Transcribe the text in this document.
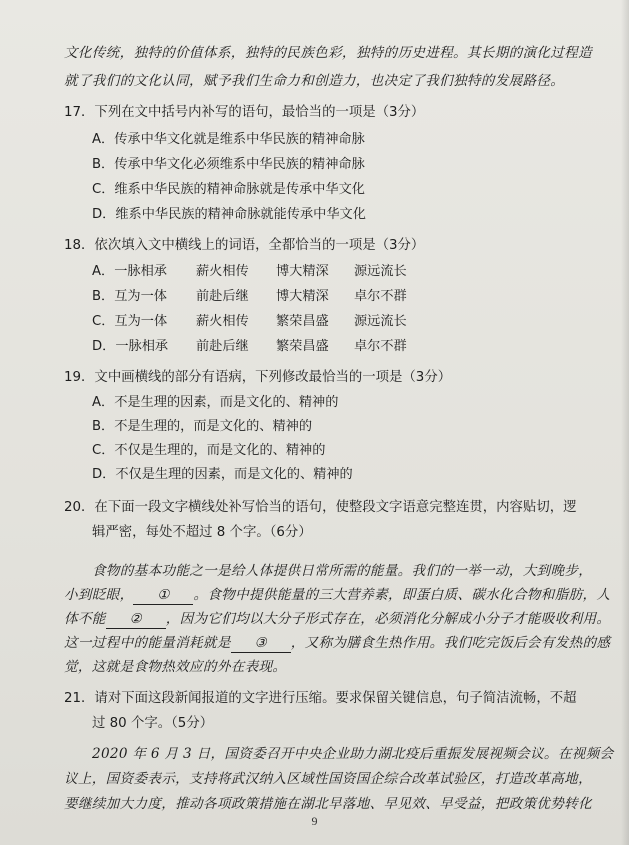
文化传统，独特的价值体系，独特的民族色彩，独特的历史进程。其长期的演化过程造
就了我们的文化认同，赋予我们生命力和创造力，也决定了我们独特的发展路径。
17．下列在文中括号内补写的语句，最恰当的一项是（3分）
A．传承中华文化就是维系中华民族的精神命脉
B．传承中华文化必须维系中华民族的精神命脉
C．维系中华民族的精神命脉就是传承中华文化
D．维系中华民族的精神命脉就能传承中华文化
18．依次填入文中横线上的词语，全都恰当的一项是（3分）
A．一脉相承 薪火相传 博大精深 源远流长
B．互为一体 前赴后继 博大精深 卓尔不群
C．互为一体 薪火相传 繁荣昌盛 源远流长
D．一脉相承 前赴后继 繁荣昌盛 卓尔不群
19．文中画横线的部分有语病，下列修改最恰当的一项是（3分）
A．不是生理的因素，而是文化的、精神的
B．不是生理的，而是文化的、精神的
C．不仅是生理的，而是文化的、精神的
D．不仅是生理的因素，而是文化的、精神的
20．在下面一段文字横线处补写恰当的语句，使整段文字语意完整连贯，内容贴切，逻
辑严密，每处不超过 8 个字。（6分）
食物的基本功能之一是给人体提供日常所需的能量。我们的一举一动，大到晚步，
小到眨眼， ① 。食物中提供能量的三大营养素，即蛋白质、碳水化合物和脂肪，人
体不能 ② ，因为它们均以大分子形式存在，必须消化分解成小分子才能吸收利用。
这一过程中的能量消耗就是 ③ ，又称为膳食生热作用。我们吃完饭后会有发热的感
觉，这就是食物热效应的外在表现。
21．请对下面这段新闻报道的文字进行压缩。要求保留关键信息，句子简洁流畅，不超
过 80 个字。（5分）
2020 年 6 月 3 日，国资委召开中央企业助力湖北疫后重振发展视频会议。在视频会
议上，国资委表示，支持将武汉纳入区域性国资国企综合改革试验区，打造改革高地，
要继续加大力度，推动各项政策措施在湖北早落地、早见效、早受益，把政策优势转化
9
